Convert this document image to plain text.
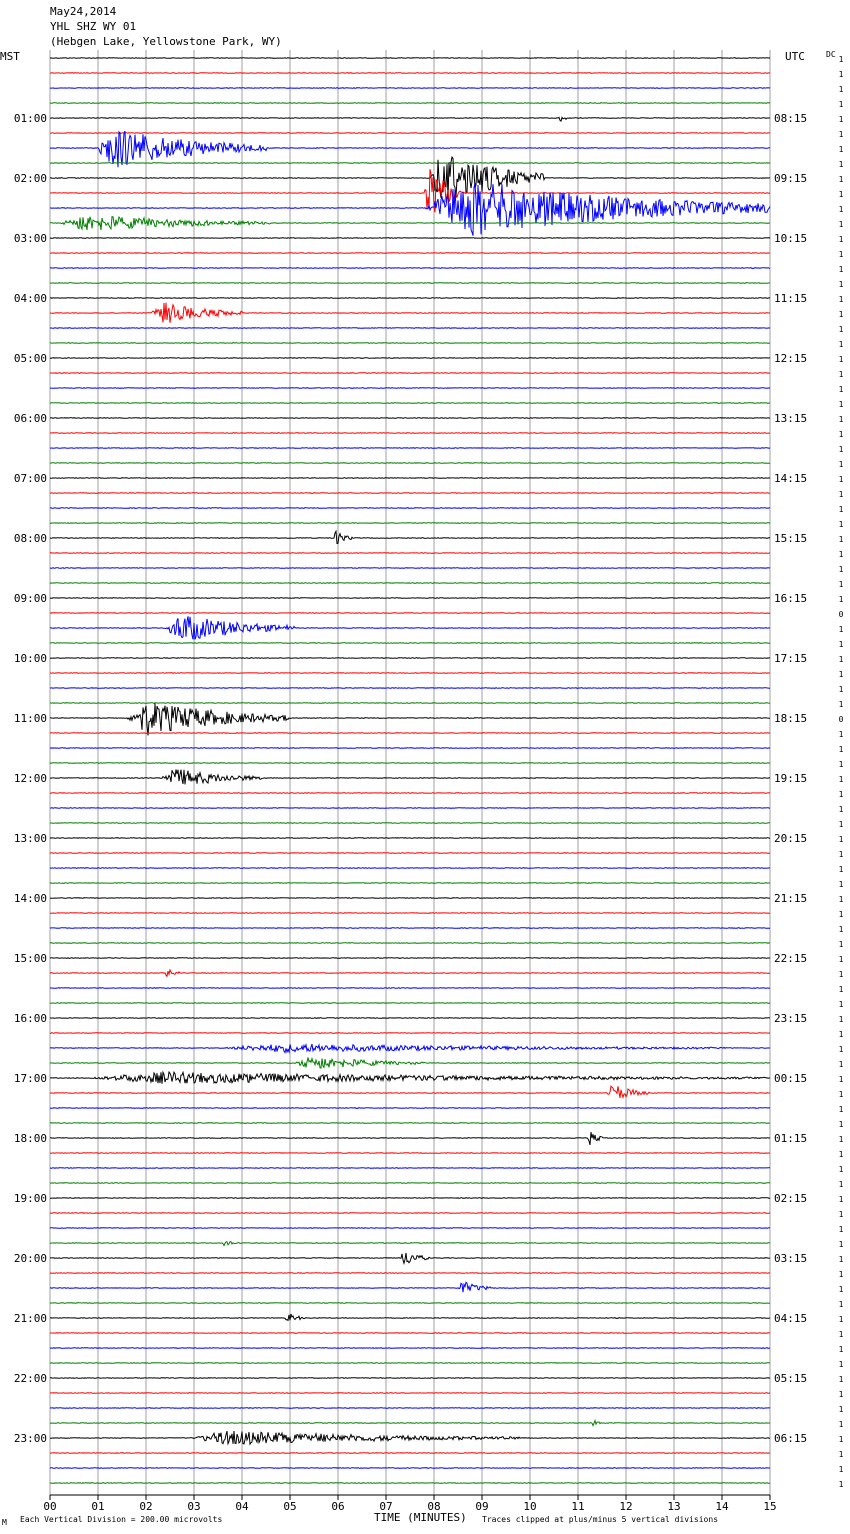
May24,2014
YHL SHZ WY 01
(Hebgen Lake, Yellowstone Park, WY)
MST	UTC	DC
1
1
1
1
1
1
1
1
1
1
1
1
1
1
1
1
1
1
1
1
1
1
1
1
1
1
1
1
1
1
1
1
1
1
1
1
1
0
1
1
1
1
1
1
0
1
1
1
1
1
1
1
1
1
1
1
1
1
1
1
1
1
1
1
1
1
1
1
1
1
1
1
1
1
1
1
1
1
1
1
1
1
1
1
1
1
1
1
1
1
1
1
1
1
1
1
01:00
02:00
03:00
04:00
05:00
06:00
07:00
08:00
09:00
10:00
11:00
12:00
13:00
14:00
15:00
16:00
17:00
18:00
19:00
20:00
21:00
22:00
23:00
08:15
09:15
10:15
11:15
12:15
13:15
14:15
15:15
16:15
17:15
18:15
19:15
20:15
21:15
22:15
23:15
00:15
01:15
02:15
03:15
04:15
05:15
06:15
00	01	02	03	04	05	06	07	08	09	10	11	12	13	14	15
M Each Vertical Division = 200.00 microvolts	TIME (MINUTES) Traces clipped at plus/minus 5 vertical divisions
